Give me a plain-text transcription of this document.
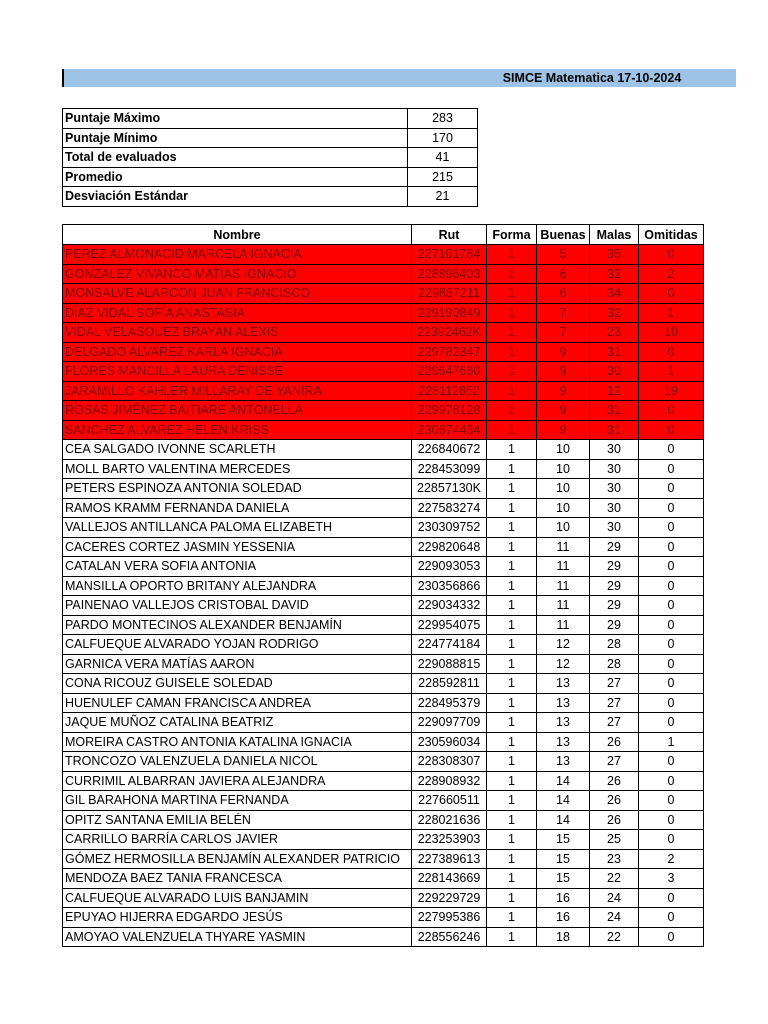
SIMCE Matematica 17-10-2024
Puntaje Máximo	283
Puntaje Mínimo	170
Total de evaluados	41
Promedio	215
Desviación Estándar	21
Nombre	Rut	Forma	Buenas	Malas	Omitidas
PEREZ ALMONACID MARCELA IGNACIA	227101784	1	5	35	0
GONZALEZ VIVANCO MATIAS IGNACIO	228896403	1	6	32	2
MONSALVE ALARCON JUAN FRANCISCO	229887211	1	6	34	0
DÍAZ VIDAL SOFÍA ANASTASIA	229190849	1	7	32	1
VIDAL VELASQUEZ BRAYAN ALEXIS	22392462K	1	7	23	10
DELGADO ALVAREZ KARLA IGNACIA	229782347	1	9	31	0
FLORES MANCILLA LAURA DENISSE	229647660	1	9	30	1
JARAMILLO KAHLER MILLARAY DE YANIRA	228112852	1	9	12	19
ROSAS JIMÉNEZ BAITIARE ANTONELLA	229978128	1	9	31	0
SANCHEZ ALVAREZ HELEN KRISS	230674434	1	9	31	0
CEA SALGADO IVONNE SCARLETH	226840672	1	10	30	0
MOLL BARTO VALENTINA MERCEDES	228453099	1	10	30	0
PETERS ESPINOZA ANTONIA SOLEDAD	22857130K	1	10	30	0
RAMOS KRAMM FERNANDA DANIELA	227583274	1	10	30	0
VALLEJOS ANTILLANCA PALOMA ELIZABETH	230309752	1	10	30	0
CACERES CORTEZ JASMIN YESSENIA	229820648	1	11	29	0
CATALAN VERA SOFIA ANTONIA	229093053	1	11	29	0
MANSILLA OPORTO BRITANY ALEJANDRA	230356866	1	11	29	0
PAINENAO VALLEJOS CRISTOBAL DAVID	229034332	1	11	29	0
PARDO MONTECINOS ALEXANDER BENJAMÍN	229954075	1	11	29	0
CALFUEQUE ALVARADO YOJAN RODRIGO	224774184	1	12	28	0
GARNICA VERA MATÍAS AARON	229088815	1	12	28	0
CONA RICOUZ GUISELE SOLEDAD	228592811	1	13	27	0
HUENULEF CAMAN FRANCISCA ANDREA	228495379	1	13	27	0
JAQUE MUÑOZ CATALINA BEATRIZ	229097709	1	13	27	0
MOREIRA CASTRO ANTONIA KATALINA IGNACIA	230596034	1	13	26	1
TRONCOZO VALENZUELA DANIELA NICOL	228308307	1	13	27	0
CURRIMIL ALBARRAN JAVIERA ALEJANDRA	228908932	1	14	26	0
GIL BARAHONA MARTINA FERNANDA	227660511	1	14	26	0
OPITZ SANTANA EMILIA BELÉN	228021636	1	14	26	0
CARRILLO BARRÍA CARLOS JAVIER	223253903	1	15	25	0
GÓMEZ HERMOSILLA BENJAMÍN ALEXANDER PATRICIO	227389613	1	15	23	2
MENDOZA BAEZ TANIA FRANCESCA	228143669	1	15	22	3
CALFUEQUE ALVARADO LUIS BANJAMIN	229229729	1	16	24	0
EPUYAO HIJERRA EDGARDO JESÚS	227995386	1	16	24	0
AMOYAO VALENZUELA THYARE YASMIN	228556246	1	18	22	0
